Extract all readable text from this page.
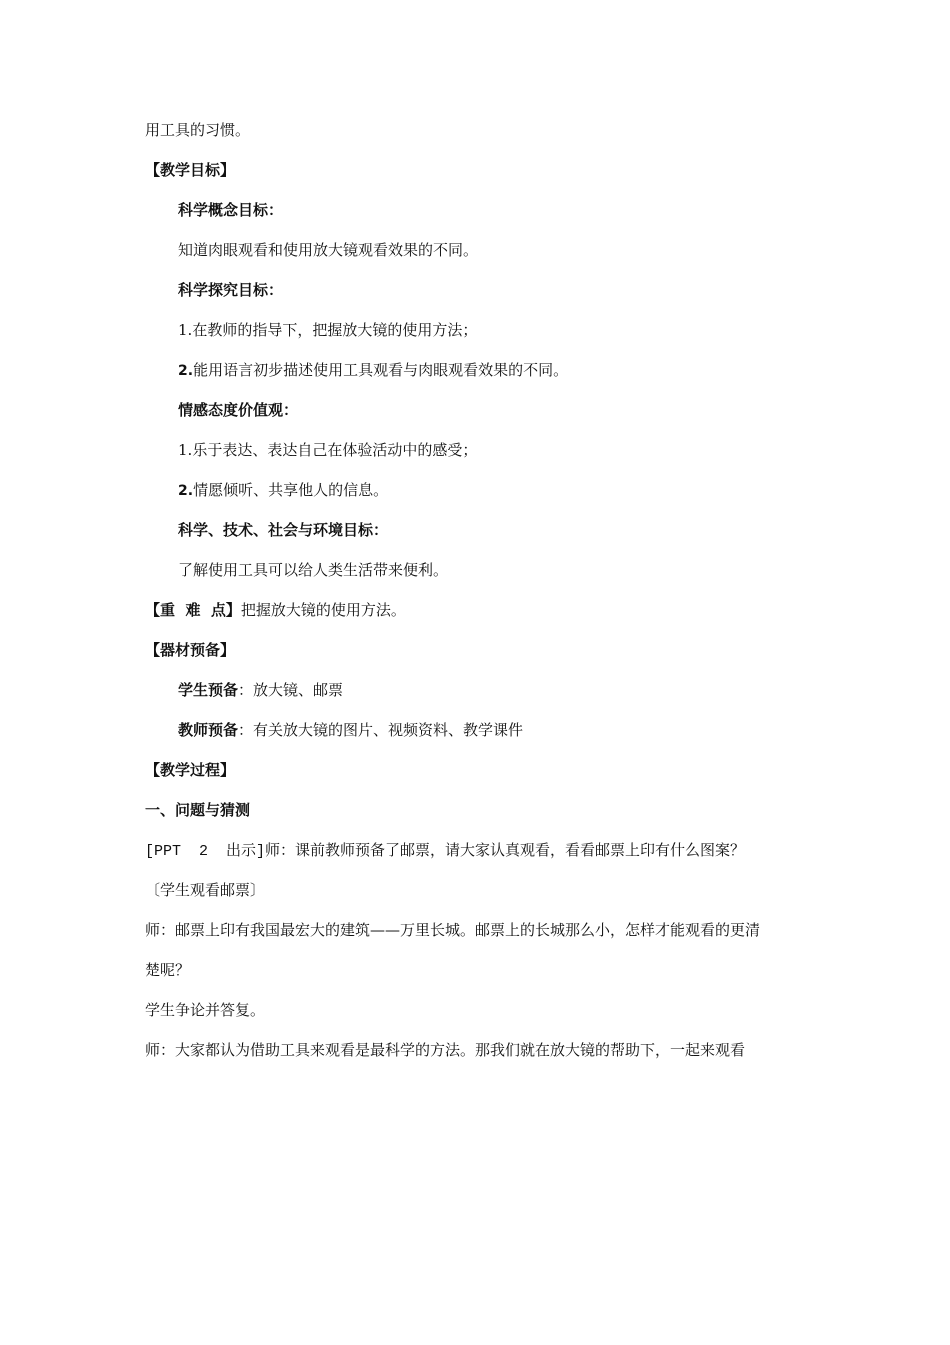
用工具的习惯。
【教学目标】
科学概念目标：
知道肉眼观看和使用放大镜观看效果的不同。
科学探究目标：
1.在教师的指导下，把握放大镜的使用方法；
2.能用语言初步描述使用工具观看与肉眼观看效果的不同。
情感态度价值观：
1.乐于表达、表达自己在体验活动中的感受；
2.情愿倾听、共享他人的信息。
科学、技术、社会与环境目标：
了解使用工具可以给人类生活带来便利。
【重  难  点】把握放大镜的使用方法。
【器材预备】
学生预备：放大镜、邮票
教师预备：有关放大镜的图片、视频资料、教学课件
【教学过程】
一、问题与猜测
[PPT  2  出示]师：课前教师预备了邮票，请大家认真观看，看看邮票上印有什么图案？
〔学生观看邮票〕
师：邮票上印有我国最宏大的建筑——万里长城。邮票上的长城那么小，怎样才能观看的更清
楚呢？
学生争论并答复。
师：大家都认为借助工具来观看是最科学的方法。那我们就在放大镜的帮助下，一起来观看
